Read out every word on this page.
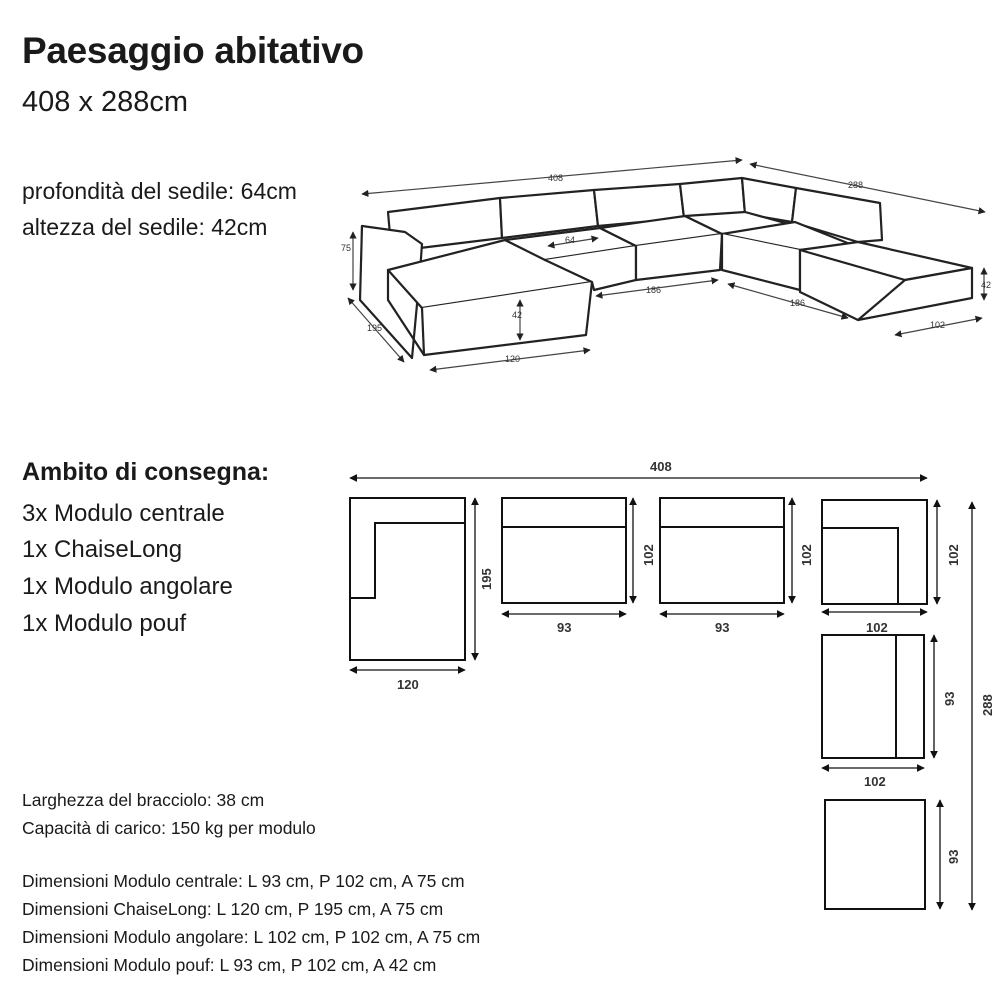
Paesaggio abitativo
408 x 288cm
profondità del sedile: 64cm
altezza del sedile: 42cm
Ambito di consegna:
3x Modulo centrale
1x ChaiseLong
1x Modulo angolare
1x Modulo pouf
Larghezza del bracciolo: 38 cm
Capacità di carico: 150 kg per modulo
Dimensioni Modulo centrale: L 93 cm, P 102 cm, A 75 cm
Dimensioni ChaiseLong: L 120 cm, P 195 cm, A 75 cm
Dimensioni Modulo angolare: L 102 cm, P 102 cm, A 75 cm
Dimensioni Modulo pouf: L 93 cm, P 102 cm, A 42 cm
408
288
75
195
120
42
64
186
186
42
102
408
288
195
120
102
93
102
93
102
102
93
102
93
